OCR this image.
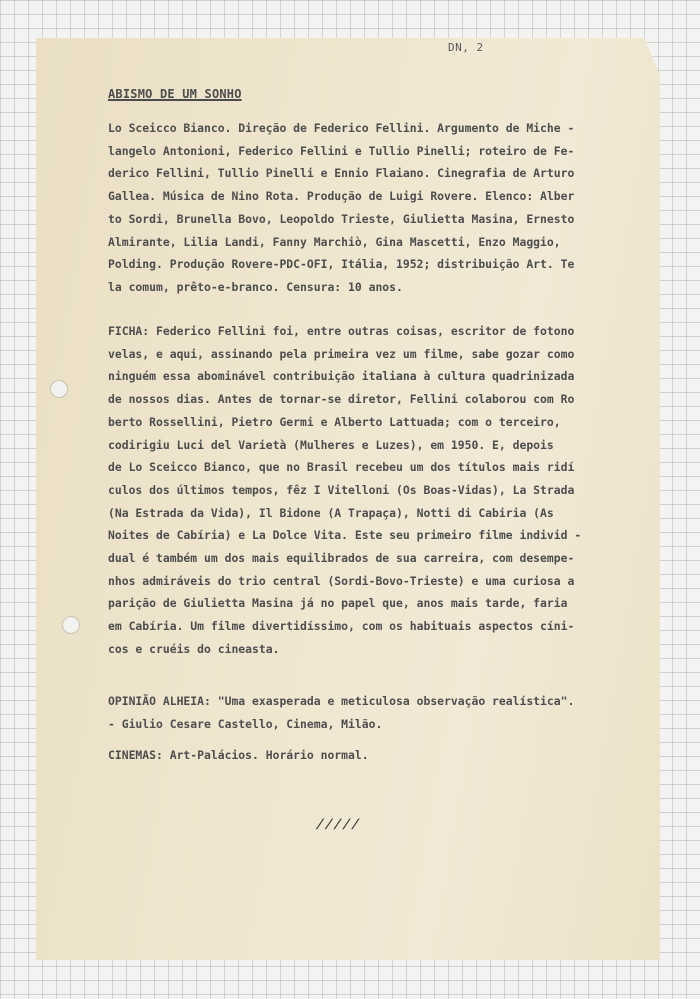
DN, 2
ABISMO DE UM SONHO
Lo Sceicco Bianco. Direção de Federico Fellini. Argumento de Miche -
langelo Antonioni, Federico Fellini e Tullio Pinelli; roteiro de Fe-
derico Fellini, Tullio Pinelli e Ennio Flaiano. Cinegrafia de Arturo
Gallea. Música de Nino Rota. Produção de Luigi Rovere. Elenco: Alber
to Sordi, Brunella Bovo, Leopoldo Trieste, Giulietta Masina, Ernesto
Almirante, Lilia Landi, Fanny Marchiò, Gina Mascetti, Enzo Maggio,
Polding. Produção Rovere-PDC-OFI, Itália, 1952; distribuição Art. Te
la comum, prêto-e-branco. Censura: 10 anos.
FICHA: Federico Fellini foi, entre outras coisas, escritor de fotono
velas, e aqui, assinando pela primeira vez um filme, sabe gozar como
ninguém essa abominável contribuição italiana à cultura quadrinizada
de nossos dias. Antes de tornar-se diretor, Fellini colaborou com Ro
berto Rossellini, Pietro Germi e Alberto Lattuada; com o terceiro,
codirigiu Luci del Varietà (Mulheres e Luzes), em 1950. E, depois
de Lo Sceicco Bianco, que no Brasil recebeu um dos títulos mais ridí
culos dos últimos tempos, fêz I Vitelloni (Os Boas-Vidas), La Strada
(Na Estrada da Vida), Il Bidone (A Trapaça), Notti di Cabiria (As
Noites de Cabíria) e La Dolce Vita. Este seu primeiro filme individ -
dual é também um dos mais equilibrados de sua carreira, com desempe-
nhos admiráveis do trio central (Sordi-Bovo-Trieste) e uma curiosa a
parição de Giulietta Masina já no papel que, anos mais tarde, faria
em Cabíria. Um filme divertidíssimo, com os habituais aspectos cíni-
cos e cruéis do cineasta.
OPINIÃO ALHEIA: "Uma exasperada e meticulosa observação realística".
- Giulio Cesare Castello, Cinema, Milão.
CINEMAS: Art-Palácios. Horário normal.
/////
